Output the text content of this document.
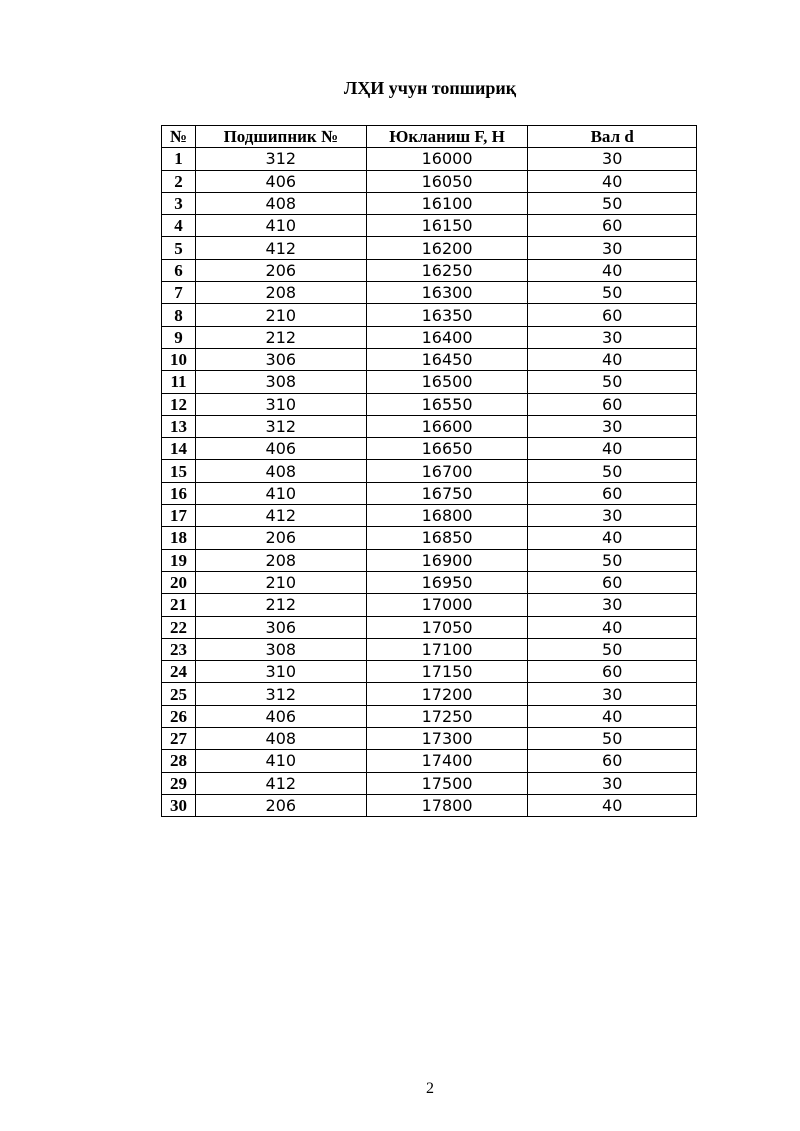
ЛҲИ учун топшириқ
№	Подшипник №	Юкланиш F, H	Вал d
1	312	16000	30
2	406	16050	40
3	408	16100	50
4	410	16150	60
5	412	16200	30
6	206	16250	40
7	208	16300	50
8	210	16350	60
9	212	16400	30
10	306	16450	40
11	308	16500	50
12	310	16550	60
13	312	16600	30
14	406	16650	40
15	408	16700	50
16	410	16750	60
17	412	16800	30
18	206	16850	40
19	208	16900	50
20	210	16950	60
21	212	17000	30
22	306	17050	40
23	308	17100	50
24	310	17150	60
25	312	17200	30
26	406	17250	40
27	408	17300	50
28	410	17400	60
29	412	17500	30
30	206	17800	40
2
